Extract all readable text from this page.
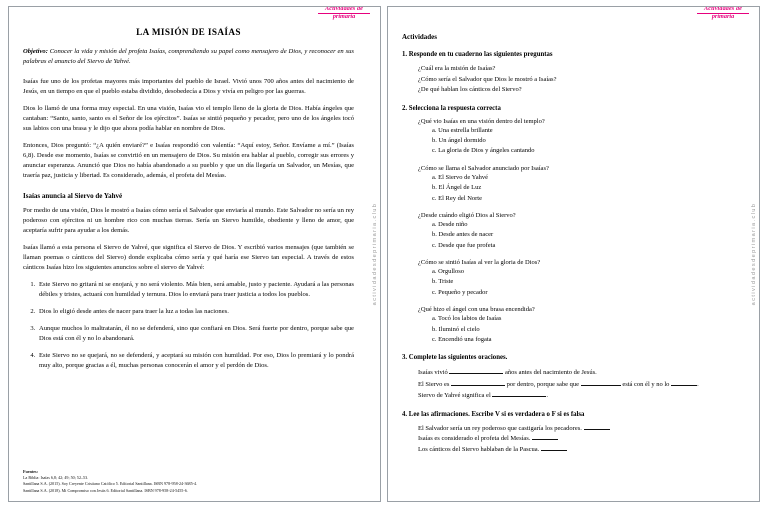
Actividades de
primaria
actividadesdeprimaria.club
LA MISIÓN DE ISAÍAS

Objetivo: Conocer la vida y misión del profeta Isaías, comprendiendo su papel como mensajero de Dios, y reconocer en sus palabras el anuncio del Siervo de Yahvé.

Isaías fue uno de los profetas mayores más importantes del pueblo de Israel. Vivió unos 700 años antes del nacimiento de Jesús, en un tiempo en que el pueblo estaba dividido, desobedecía a Dios y vivía en peligro por las guerras.

Dios lo llamó de una forma muy especial. En una visión, Isaías vio el templo lleno de la gloria de Dios. Había ángeles que cantaban: “Santo, santo, santo es el Señor de los ejércitos”. Isaías se sintió pequeño y pecador, pero uno de los ángeles tocó sus labios con una brasa y le dijo que ahora podía hablar en nombre de Dios.

Entonces, Dios preguntó: “¿A quién enviaré?” e Isaías respondió con valentía: “Aquí estoy, Señor. Envíame a mí.” (Isaías 6,8). Desde ese momento, Isaías se convirtió en un mensajero de Dios. Su misión era hablar al pueblo, corregir sus errores y anunciar esperanza. Anunció que Dios no había abandonado a su pueblo y que un día llegaría un Salvador, un Mesías, que traería paz, justicia y libertad. Es considerado, además, el profeta del Mesías.

Isaías anuncia al Siervo de Yahvé

Por medio de una visión, Dios le mostró a Isaías cómo sería el Salvador que enviaría al mundo. Este Salvador no sería un rey poderoso con ejércitos ni un hombre rico con muchas tierras. Sería un Siervo humilde, obediente y lleno de amor, que aceptaría sufrir para ayudar a los demás.

Isaías llamó a esta persona el Siervo de Yahvé, que significa el Siervo de Dios. Y escribió varios mensajes (que también se llaman poemas o cánticos del Siervo) donde explicaba cómo sería y qué haría ese Siervo tan especial. A través de estos cánticos Isaías hizo los siguientes anuncios sobre el siervo de Yahvé:

1. Este Siervo no gritará ni se enojará, y no será violento. Más bien, será amable, justo y paciente. Ayudará a las personas débiles y tristes, actuará con humildad y ternura. Dios lo enviará para traer justicia a todos los pueblos.
2. Dios lo eligió desde antes de nacer para traer la luz a todas las naciones.
3. Aunque muchos lo maltratarán, él no se defenderá, sino que confiará en Dios. Será fuerte por dentro, porque sabe que Dios está con él y no lo abandonará.
4. Este Siervo no se quejará, no se defenderá, y aceptará su misión con humildad. Por eso, Dios lo premiará y lo pondrá muy alto, porque gracias a él, muchas personas conocerán el amor y el perdón de Dios.
Fuentes:
La Biblia: Isaías 6,8; 42; 49; 50; 52–53.
Santillana S.A. (2015). Soy Creyente Cristiano Católico 5. Editorial Santillana. ISBN 978-958-24-3685-4.
Santillana S.A. (2018). Mi Compromiso con Jesús 6. Editorial Santillana. ISBN 978-958-24-5455-6.
Actividades de
primaria
actividadesdeprimaria.club
Actividades
1. Responde en tu cuaderno las siguientes preguntas
¿Cuál era la misión de Isaías?
¿Cómo sería el Salvador que Dios le mostró a Isaías?
¿De qué hablan los cánticos del Siervo?
2. Selecciona la respuesta correcta
¿Qué vio Isaías en una visión dentro del templo?
a. Una estrella brillante
b. Un ángel dormido
c. La gloria de Dios y ángeles cantando
¿Cómo se llama el Salvador anunciado por Isaías?
a. El Siervo de Yahvé
b. El Ángel de Luz
c. El Rey del Norte
¿Desde cuándo eligió Dios al Siervo?
a. Desde niño
b. Desde antes de nacer
c. Desde que fue profeta
¿Cómo se sintió Isaías al ver la gloria de Dios?
a. Orgulloso
b. Triste
c. Pequeño y pecador
¿Qué hizo el ángel con una brasa encendida?
a. Tocó los labios de Isaías
b. Iluminó el cielo
c. Encendió una fogata
3. Complete las siguientes oraciones.
Isaías vivió	años antes del nacimiento de Jesús.
El Siervo es	por dentro, porque sabe que	está con él y no lo	.
Siervo de Yahvé significa el	.
4. Lee las afirmaciones. Escribe V si es verdadera o F si es falsa
El Salvador sería un rey poderoso que castigaría los pecadores.
Isaías es considerado el profeta del Mesías.
Los cánticos del Siervo hablaban de la Pascua.
